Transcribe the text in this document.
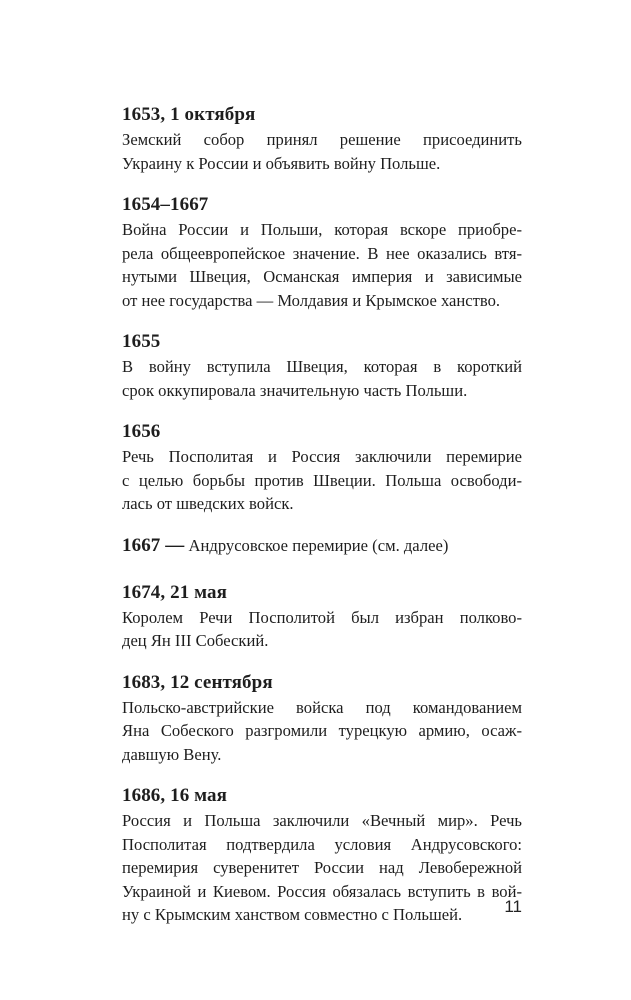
1653, 1 октября
Земский собор принял решение присоединить
Украину к России и объявить войну Польше.
1654–1667
Война России и Польши, которая вскоре приобре-
рела общеевропейское значение. В нее оказались втя-
нутыми Швеция, Османская империя и зависимые
от нее государства — Молдавия и Крымское ханство.
1655
В войну вступила Швеция, которая в короткий
срок оккупировала значительную часть Польши.
1656
Речь Посполитая и Россия заключили перемирие
с целью борьбы против Швеции. Польша освободи-
лась от шведских войск.
1667 — Андрусовское перемирие (см. далее)
1674, 21 мая
Королем Речи Посполитой был избран полково-
дец Ян III Собеский.
1683, 12 сентября
Польско-австрийские войска под командованием
Яна Собеского разгромили турецкую армию, осаж-
давшую Вену.
1686, 16 мая
Россия и Польша заключили «Вечный мир». Речь
Посполитая подтвердила условия Андрусовского:
перемирия суверенитет России над Левобережной
Украиной и Киевом. Россия обязалась вступить в вой-
ну с Крымским ханством совместно с Польшей.	11
